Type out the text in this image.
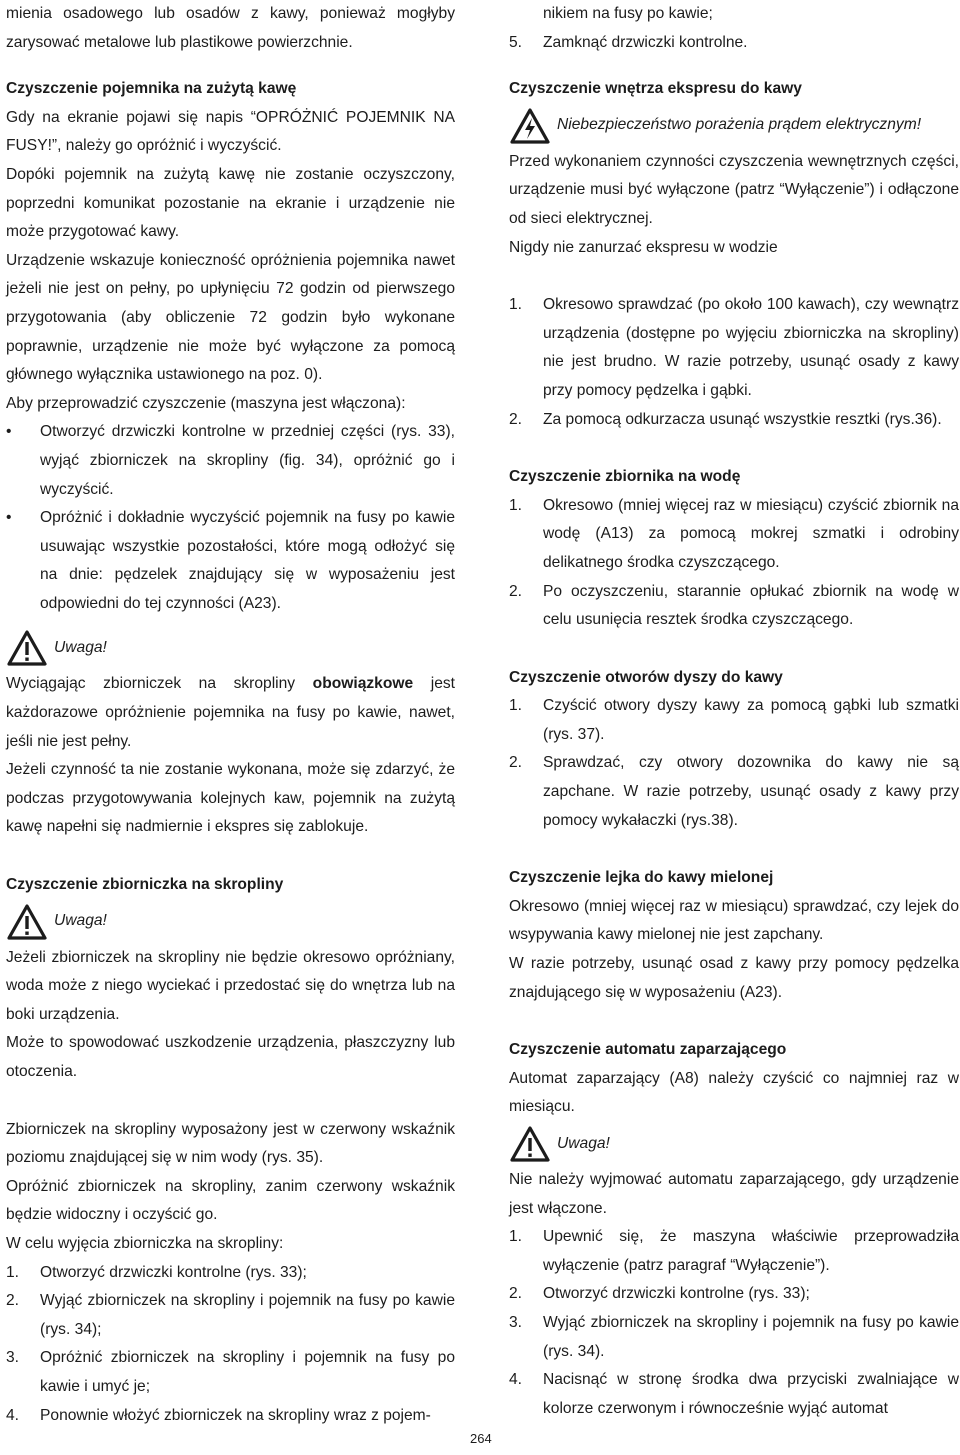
mienia osadowego lub osadów z kawy, ponieważ mogłyby zarysować metalowe lub plastikowe powierzchnie.

Czyszczenie pojemnika na zużytą kawę

Gdy na ekranie pojawi się napis “OPRÓŻNIĆ POJEMNIK NA FUSY!”, należy go opróżnić i wyczyścić.

Dopóki pojemnik na zużytą kawę nie zostanie oczyszczony, poprzedni komunikat pozostanie na ekranie i urządzenie nie może przygotować kawy.

Urządzenie wskazuje konieczność opróżnienia pojemnika nawet jeżeli nie jest on pełny, po upłynięciu 72 godzin od pierwszego przygotowania (aby obliczenie 72 godzin było wykonane poprawnie, urządzenie nie może być wyłączone za pomocą głównego wyłącznika ustawionego na poz. 0).

Aby przeprowadzić czyszczenie (maszyna jest włączona):

• Otworzyć drzwiczki kontrolne w przedniej części (rys. 33), wyjąć zbiorniczek na skropliny (fig. 34), opróżnić go i wyczyścić.
• Opróżnić i dokładnie wyczyścić pojemnik na fusy po kawie usuwając wszystkie pozostałości, które mogą odłożyć się na dnie: pędzelek znajdujący się w wyposażeniu jest odpowiedni do tej czynności (A23).
Uwaga!

Wyciągając zbiorniczek na skropliny obowiązkowe jest każdorazowe opróżnienie pojemnika na fusy po kawie, nawet, jeśli nie jest pełny.

Jeżeli czynność ta nie zostanie wykonana, może się zdarzyć, że podczas przygotowywania kolejnych kaw, pojemnik na zużytą kawę napełni się nadmiernie i ekspres się zablokuje.

Czyszczenie zbiorniczka na skropliny

Uwaga!

Jeżeli zbiorniczek na skropliny nie będzie okresowo opróżniany, woda może z niego wyciekać i przedostać się do wnętrza lub na boki urządzenia.

Może to spowodować uszkodzenie urządzenia, płaszczyzny lub otoczenia.

Zbiorniczek na skropliny wyposażony jest w czerwony wskaźnik poziomu znajdującej się w nim wody (rys. 35).

Opróżnić zbiorniczek na skropliny, zanim czerwony wskaźnik będzie widoczny i oczyścić go.

W celu wyjęcia zbiorniczka na skropliny:

1. Otworzyć drzwiczki kontrolne (rys. 33);
2. Wyjąć zbiorniczek na skropliny i pojemnik na fusy po kawie (rys. 34);
3. Opróżnić zbiorniczek na skropliny i pojemnik na fusy po kawie i umyć je;
4. Ponownie włożyć zbiorniczek na skropliny wraz z pojem-

nikiem na fusy po kawie;

5. Zamknąć drzwiczki kontrolne.

Czyszczenie wnętrza ekspresu do kawy

Niebezpieczeństwo porażenia prądem elektrycznym!

Przed wykonaniem czynności czyszczenia wewnętrznych części, urządzenie musi być wyłączone (patrz “Wyłączenie”) i odłączone od sieci elektrycznej.

Nigdy nie zanurzać ekspresu w wodzie

1. Okresowo sprawdzać (po około 100 kawach), czy wewnątrz urządzenia (dostępne po wyjęciu zbiorniczka na skropliny) nie jest brudno. W razie potrzeby, usunąć osady z kawy przy pomocy pędzelka i gąbki.
2. Za pomocą odkurzacza usunąć wszystkie resztki (rys.36).

Czyszczenie zbiornika na wodę

1. Okresowo (mniej więcej raz w miesiącu) czyścić zbiornik na wodę (A13) za pomocą mokrej szmatki i odrobiny delikatnego środka czyszczącego.
2. Po oczyszczeniu, starannie opłukać zbiornik na wodę w celu usunięcia resztek środka czyszczącego.

Czyszczenie otworów dyszy do kawy

1. Czyścić otwory dyszy kawy za pomocą gąbki lub szmatki (rys. 37).
2. Sprawdzać, czy otwory dozownika do kawy nie są zapchane. W razie potrzeby, usunąć osady z kawy przy pomocy wykałaczki (rys.38).

Czyszczenie lejka do kawy mielonej

Okresowo (mniej więcej raz w miesiącu) sprawdzać, czy lejek do wsypywania kawy mielonej nie jest zapchany.

W razie potrzeby, usunąć osad z kawy przy pomocy pędzelka znajdującego się w wyposażeniu (A23).

Czyszczenie automatu zaparzającego

Automat zaparzający (A8) należy czyścić co najmniej raz w miesiącu.

Uwaga!

Nie należy wyjmować automatu zaparzającego, gdy urządzenie jest włączone.

1. Upewnić się, że maszyna właściwie przeprowadziła wyłączenie (patrz paragraf “Wyłączenie”).
2. Otworzyć drzwiczki kontrolne (rys. 33);
3. Wyjąć zbiorniczek na skropliny i pojemnik na fusy po kawie (rys. 34).
4. Nacisnąć w stronę środka dwa przyciski zwalniające w kolorze czerwonym i równocześnie wyjąć automat
264
